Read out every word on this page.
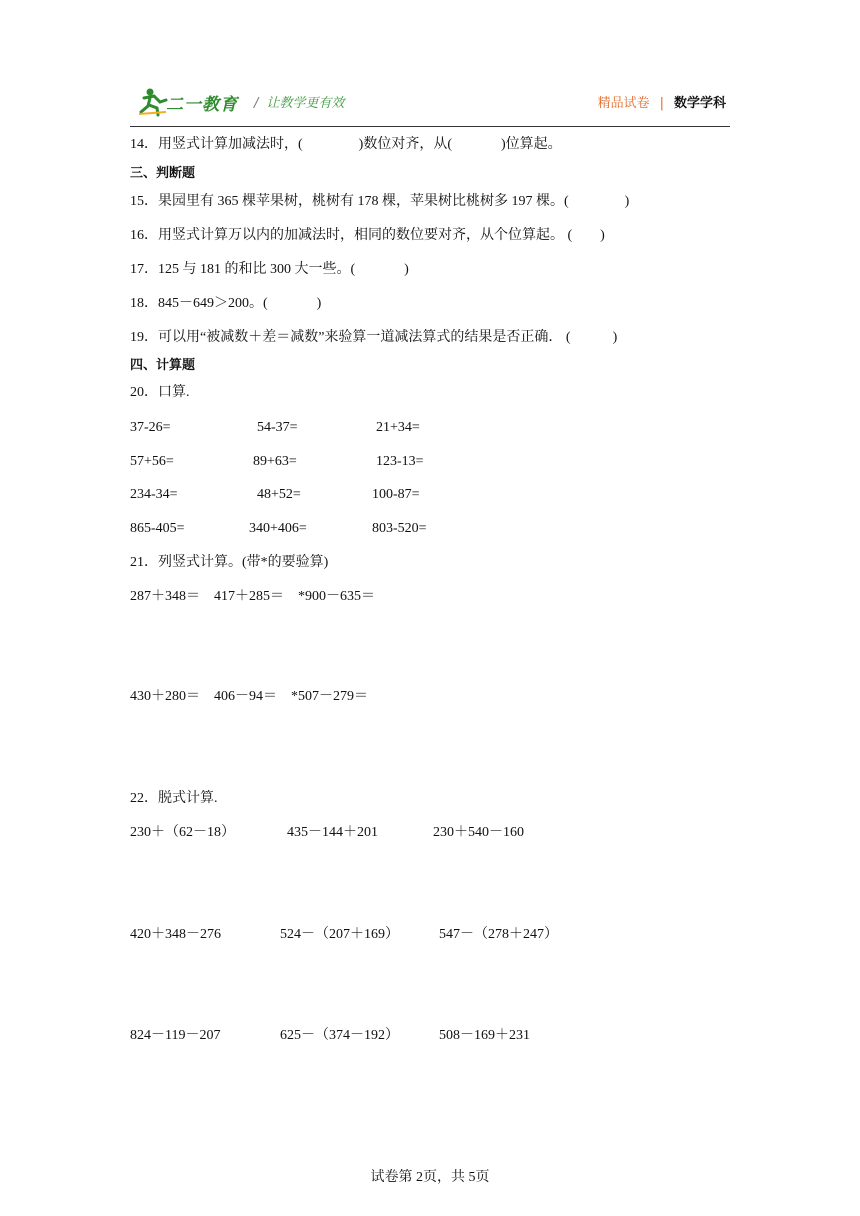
二一教育 / 让教学更有效	精品试卷 | 数学学科
14．用竖式计算加减法时，(                )数位对齐，从(              )位算起。
三、判断题
15．果园里有 365 棵苹果树，桃树有 178 棵，苹果树比桃树多 197 棵。(                )
16．用竖式计算万以内的加减法时，相同的数位要对齐，从个位算起。 (        )
17．125 与 181 的和比 300 大一些。(              )
18．845－649＞200。(              )
19．可以用“被减数＋差＝减数”来验算一道减法算式的结果是否正确． (            )
四、计算题
20．口算.
37-26=	54-37=	21+34=
57+56=	89+63=	123-13=
234-34=	48+52=	100-87=
865-405=	340+406=	803-520=
21．列竖式计算。(带*的要验算)
287＋348＝    417＋285＝    *900－635＝
430＋280＝    406－94＝    *507－279＝
22．脱式计算.
230＋（62－18）	435－144＋201	230＋540－160
420＋348－276	524－（207＋169）	547－（278＋247）
824－119－207	625－（374－192）	508－169＋231
试卷第 2页，共 5页
